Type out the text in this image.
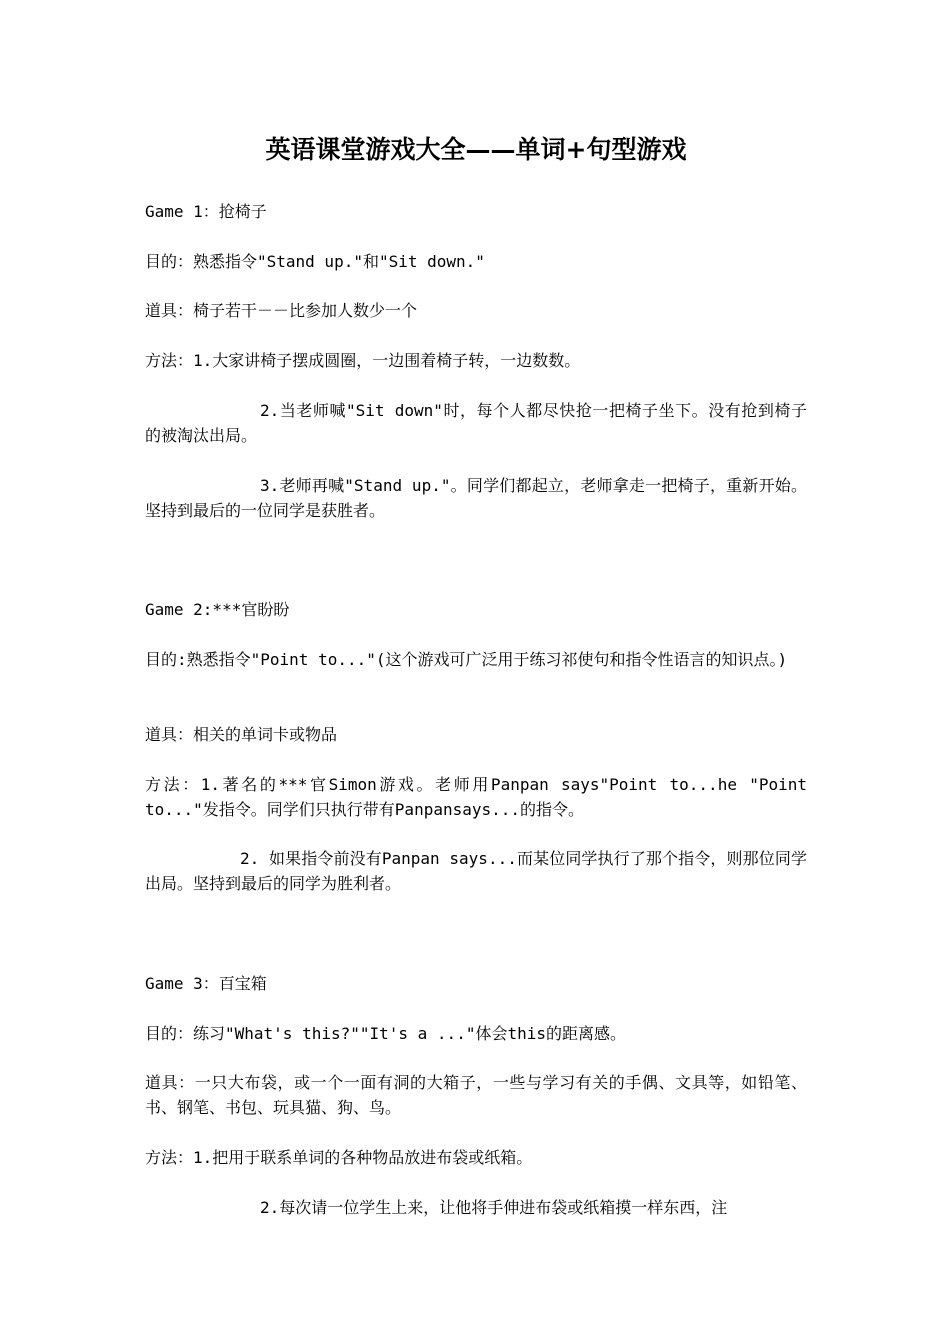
英语课堂游戏大全——单词+句型游戏
Game 1：抢椅子
目的：熟悉指令"Stand up."和"Sit down."
道具：椅子若干－－比参加人数少一个
方法：1.大家讲椅子摆成圆圈，一边围着椅子转，一边数数。
2.当老师喊"Sit down"时，每个人都尽快抢一把椅子坐下。没有抢到椅子的被淘汰出局。
3.老师再喊"Stand up."。同学们都起立，老师拿走一把椅子，重新开始。坚持到最后的一位同学是获胜者。
Game 2:***官盼盼
目的:熟悉指令"Point to..."(这个游戏可广泛用于练习祁使句和指令性语言的知识点。)
道具：相关的单词卡或物品
方法：1.著名的***官Simon游戏。老师用Panpan says"Point to...he "Point to..."发指令。同学们只执行带有Panpansays...的指令。
2. 如果指令前没有Panpan says...而某位同学执行了那个指令，则那位同学出局。坚持到最后的同学为胜利者。
Game 3：百宝箱
目的：练习"What's this?""It's a ..."体会this的距离感。
道具：一只大布袋，或一个一面有洞的大箱子，一些与学习有关的手偶、文具等，如铅笔、书、钢笔、书包、玩具猫、狗、鸟。
方法：1.把用于联系单词的各种物品放进布袋或纸箱。
2.每次请一位学生上来，让他将手伸进布袋或纸箱摸一样东西，注
